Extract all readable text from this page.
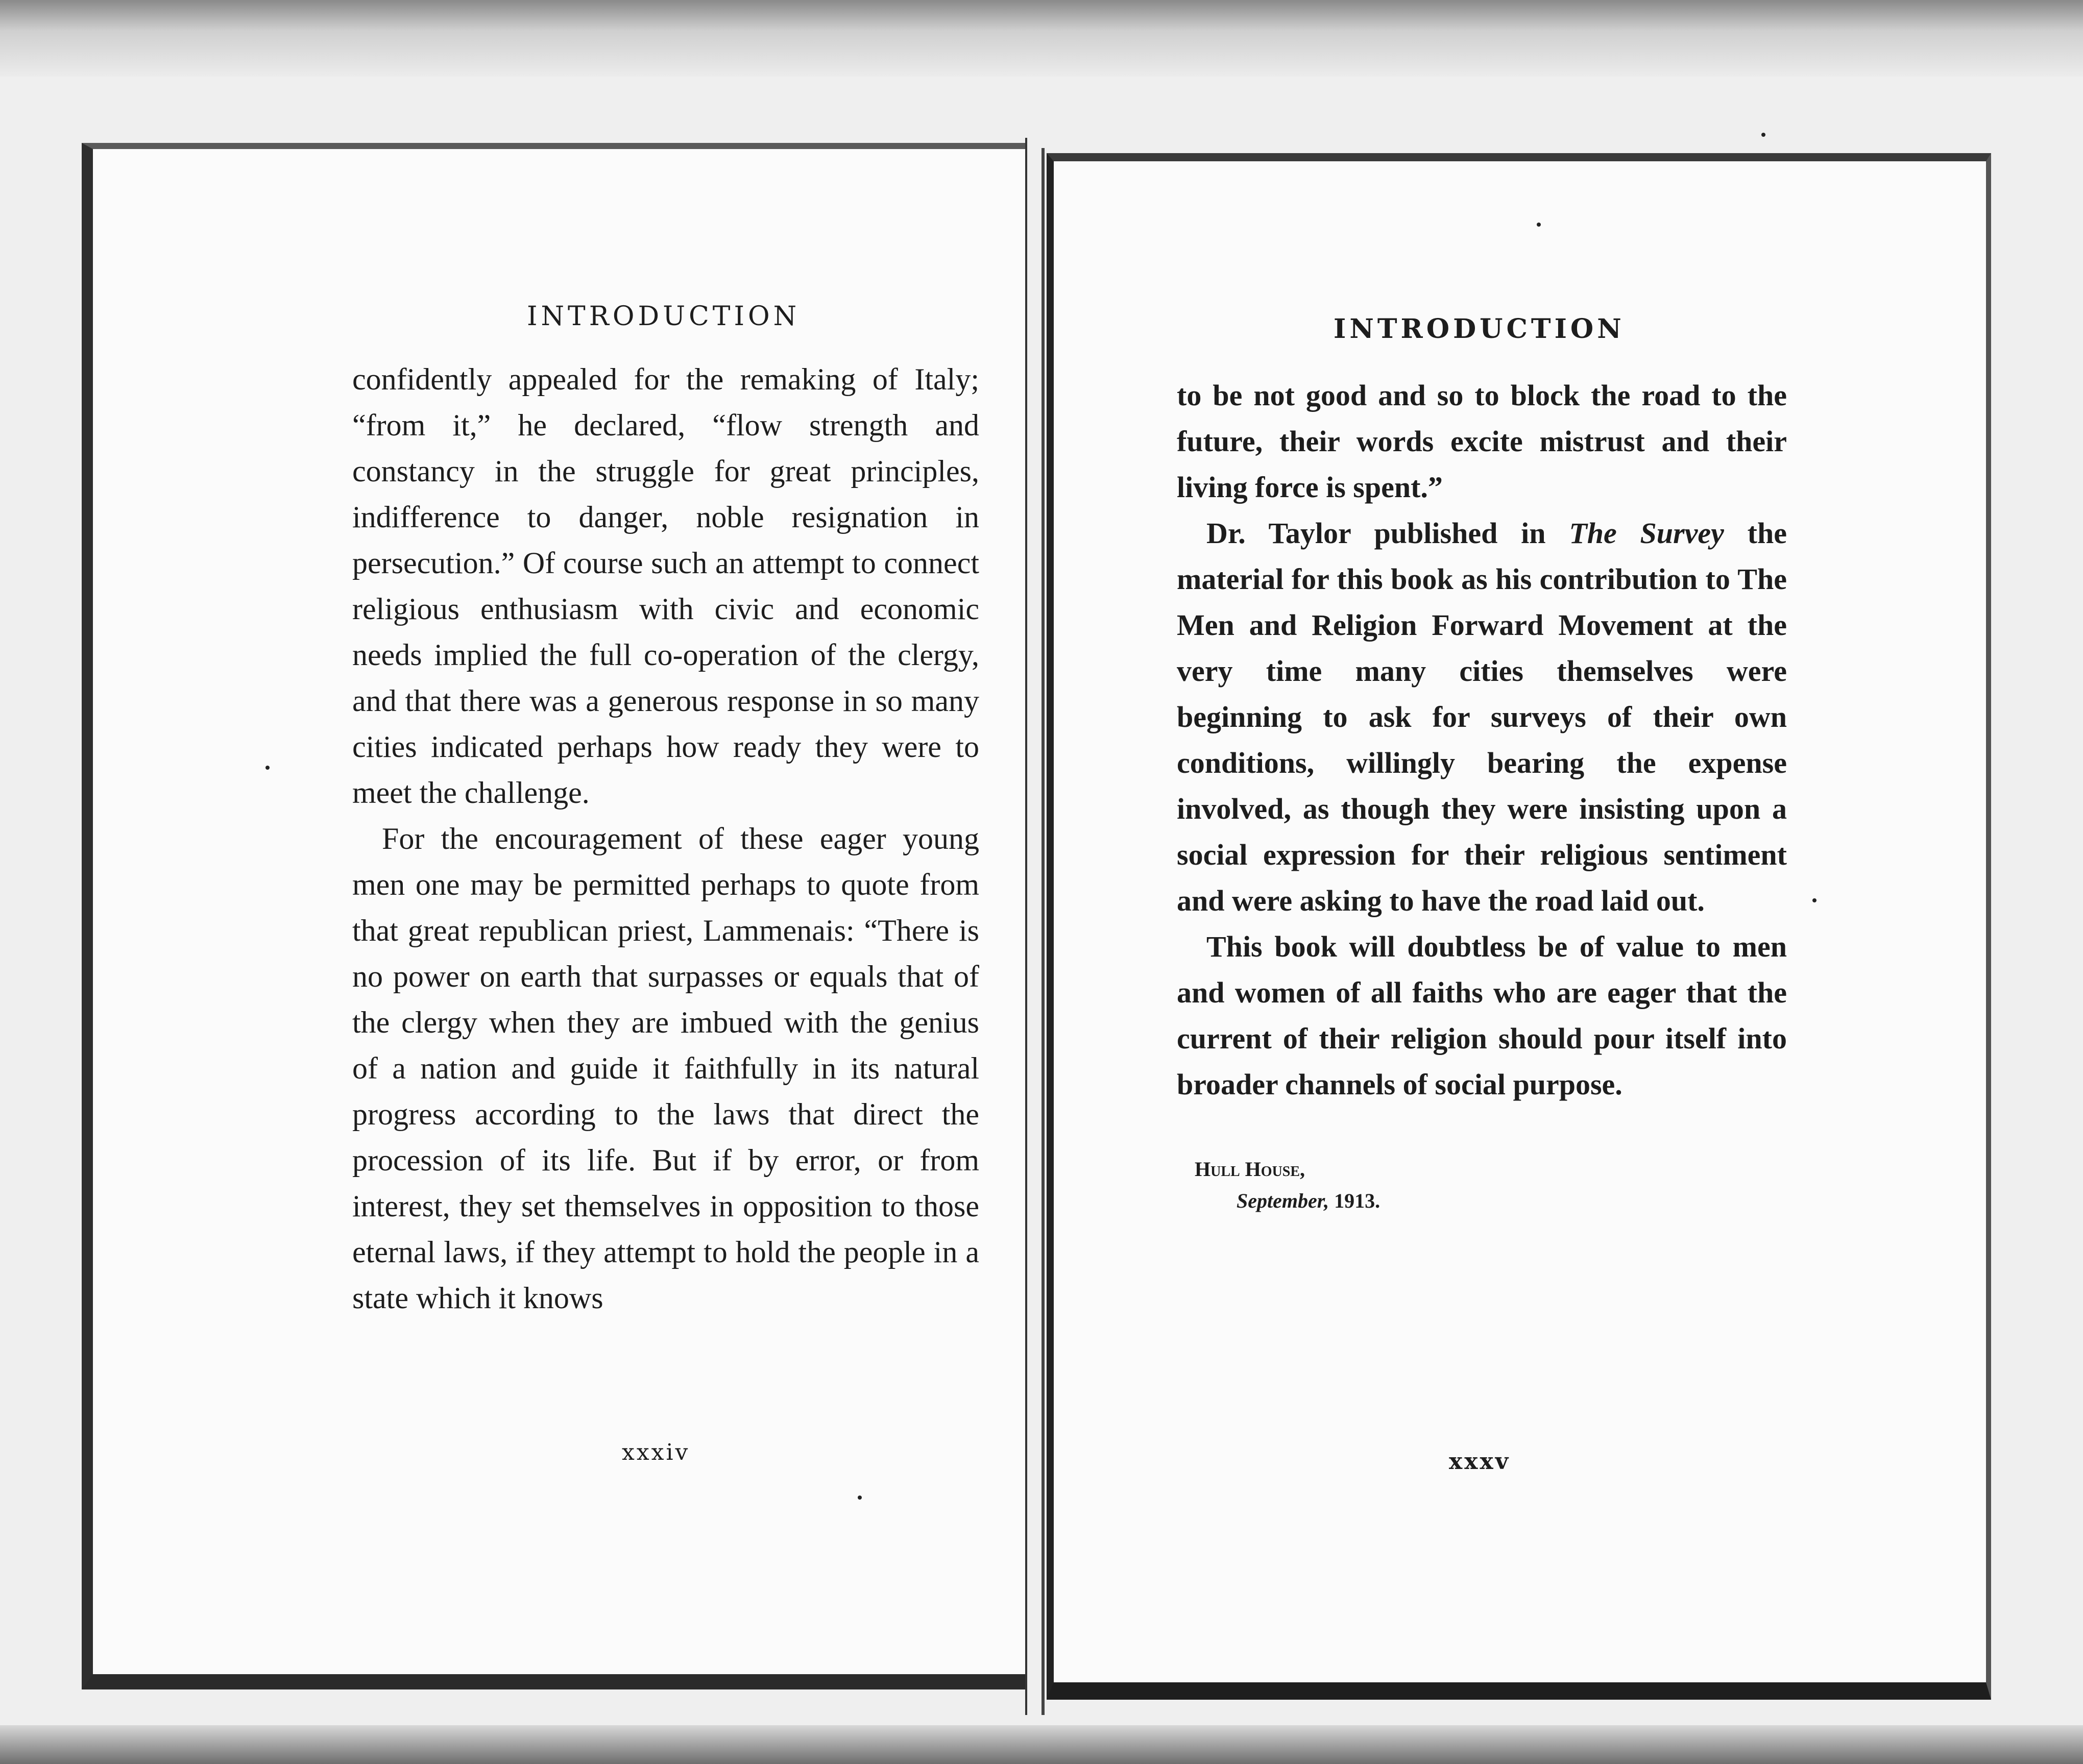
INTRODUCTION

confidently appealed for the remaking of Italy; “from it,” he declared, “flow strength and constancy in the struggle for great principles, indifference to danger, noble resignation in persecution.” Of course such an attempt to connect religious enthusiasm with civic and economic needs implied the full co-operation of the clergy, and that there was a generous response in so many cities indicated perhaps how ready they were to meet the challenge.

For the encouragement of these eager young men one may be permitted perhaps to quote from that great republican priest, Lammenais: “There is no power on earth that surpasses or equals that of the clergy when they are imbued with the genius of a nation and guide it faithfully in its natural progress according to the laws that direct the procession of its life. But if by error, or from interest, they set themselves in opposition to those eternal laws, if they attempt to hold the people in a state which it knows

xxxiv
INTRODUCTION

to be not good and so to block the road to the future, their words excite mistrust and their living force is spent.”

Dr. Taylor published in The Survey the material for this book as his contribution to The Men and Religion Forward Movement at the very time many cities themselves were beginning to ask for surveys of their own conditions, willingly bearing the expense involved, as though they were insisting upon a social expression for their religious sentiment and were asking to have the road laid out.

This book will doubtless be of value to men and women of all faiths who are eager that the current of their religion should pour itself into broader channels of social purpose.

Hull House,
September, 1913.
xxxv
